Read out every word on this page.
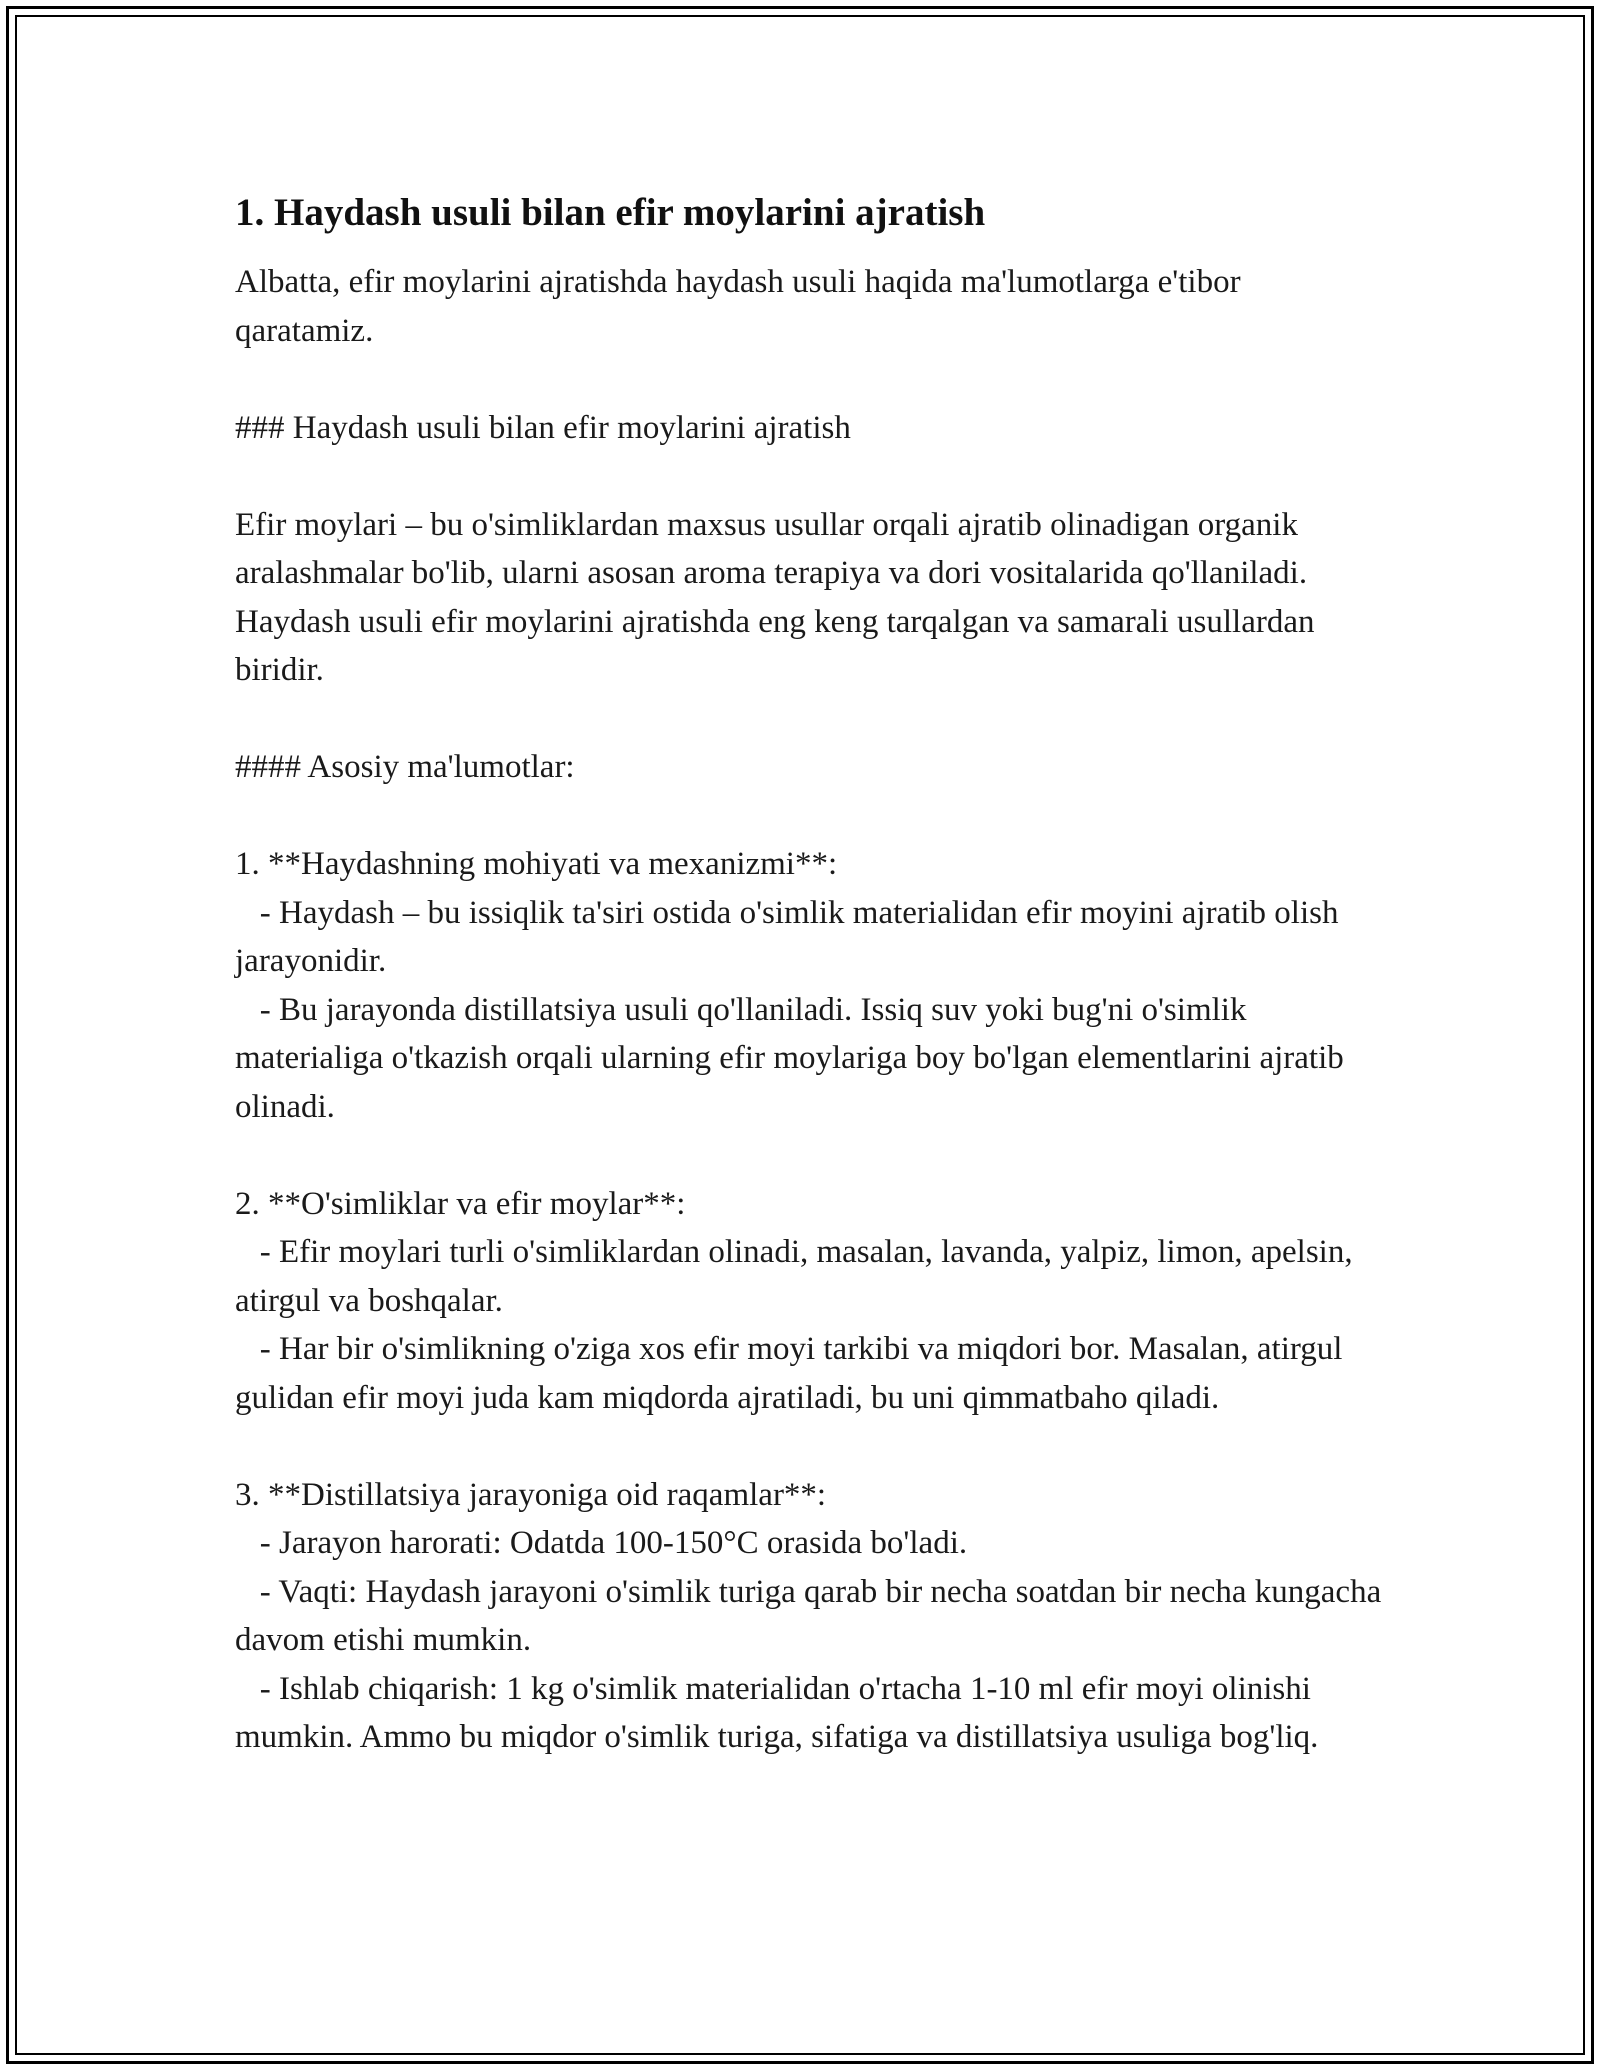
1. Haydash usuli bilan efir moylarini ajratish

Albatta, efir moylarini ajratishda haydash usuli haqida ma'lumotlarga e'tibor qaratamiz.

### Haydash usuli bilan efir moylarini ajratish

Efir moylari – bu o'simliklardan maxsus usullar orqali ajratib olinadigan organik aralashmalar bo'lib, ularni asosan aroma terapiya va dori vositalarida qo'llaniladi. Haydash usuli efir moylarini ajratishda eng keng tarqalgan va samarali usullardan biridir.

#### Asosiy ma'lumotlar:

1. **Haydashning mohiyati va mexanizmi**:

- Haydash – bu issiqlik ta'siri ostida o'simlik materialidan efir moyini ajratib olish jarayonidir.

- Bu jarayonda distillatsiya usuli qo'llaniladi. Issiq suv yoki bug'ni o'simlik materialiga o'tkazish orqali ularning efir moylariga boy bo'lgan elementlarini ajratib olinadi.

2. **O'simliklar va efir moylar**:

- Efir moylari turli o'simliklardan olinadi, masalan, lavanda, yalpiz, limon, apelsin, atirgul va boshqalar.

- Har bir o'simlikning o'ziga xos efir moyi tarkibi va miqdori bor. Masalan, atirgul gulidan efir moyi juda kam miqdorda ajratiladi, bu uni qimmatbaho qiladi.

3. **Distillatsiya jarayoniga oid raqamlar**:

- Jarayon harorati: Odatda 100-150°C orasida bo'ladi.

- Vaqti: Haydash jarayoni o'simlik turiga qarab bir necha soatdan bir necha kungacha davom etishi mumkin.

- Ishlab chiqarish: 1 kg o'simlik materialidan o'rtacha 1-10 ml efir moyi olinishi mumkin. Ammo bu miqdor o'simlik turiga, sifatiga va distillatsiya usuliga bog'liq.
